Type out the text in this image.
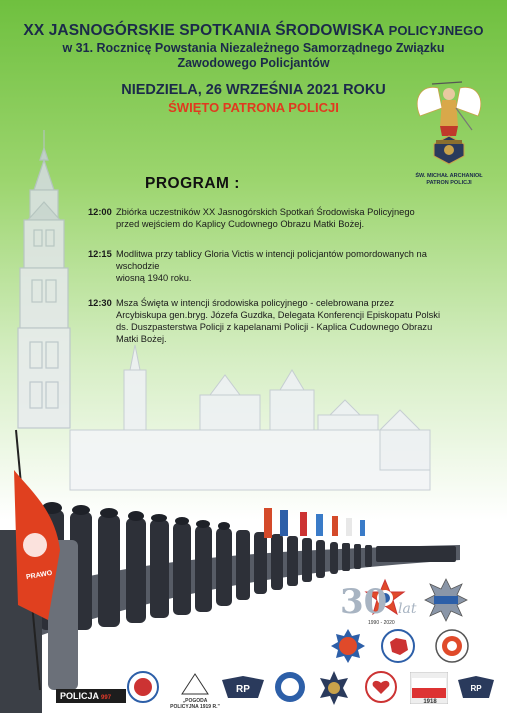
PRAWO
XX JASNOGÓRSKIE SPOTKANIA ŚRODOWISKA POLICYJNEGO
w 31. Rocznicę Powstania Niezależnego Samorządnego Związku
Zawodowego Policjantów
NIEDZIELA, 26 WRZEŚNIA 2021 ROKU
ŚWIĘTO PATRONA POLICJI
ŚW. MICHAŁ ARCHANIOŁ
PATRON POLICJI
PROGRAM :
12:00 Zbiórka uczestników XX Jasnogórskich Spotkań Środowiska Policyjnego
przed wejściem do Kaplicy Cudownego Obrazu Matki Bożej.
12:15 Modlitwa przy tablicy Gloria Victis w intencji policjantów pomordowanych na wschodzie
wiosną 1940 roku.
12:30 Msza Święta w intencji środowiska policyjnego - celebrowana przez
Arcybiskupa gen.bryg. Józefa Guzdka, Delegata Konferencji Episkopatu Polski
ds. Duszpasterstwa Policji z kapelanami Policji - Kaplica Cudownego Obrazu Matki Bożej.
30 lat
1990 - 2020
POLICJA 997	„POGODA POLICYJNA 1919 R."
RP
1918
RP
